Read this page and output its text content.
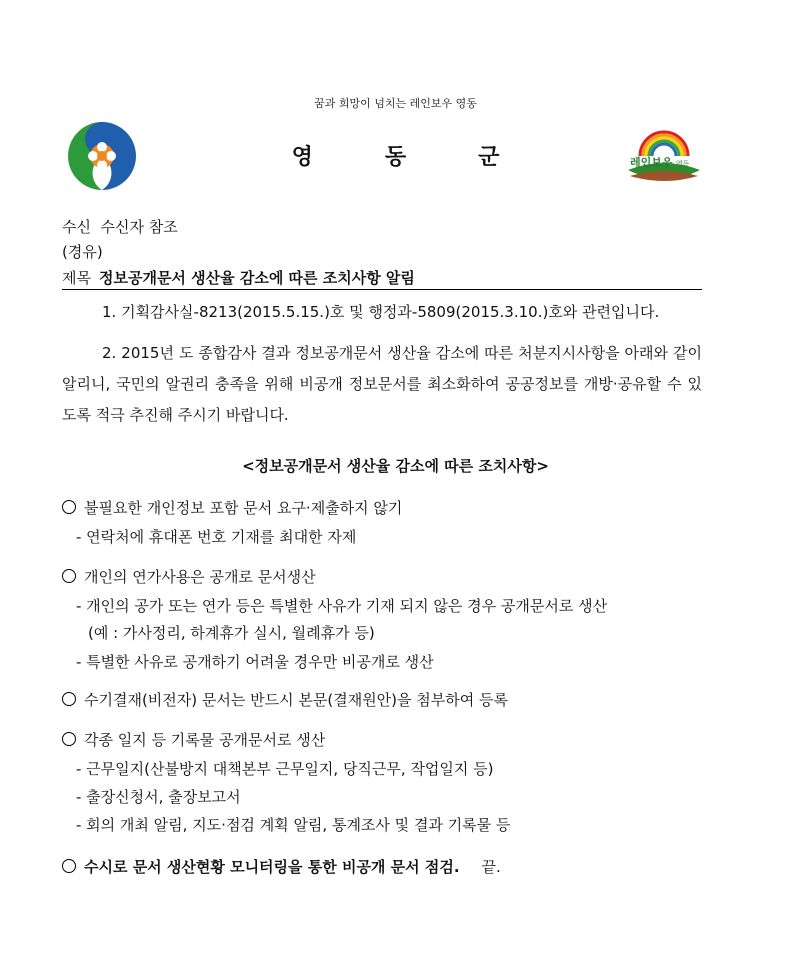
꿈과 희망이 넘치는 레인보우 영동
영	동	군	레인보우 영동
수신 수신자 참조
(경유)
제목 정보공개문서 생산율 감소에 따른 조치사항 알림
1. 기획감사실-8213(2015.5.15.)호 및 행정과-5809(2015.3.10.)호와 관련입니다.
2. 2015년 도 종합감사 결과 정보공개문서 생산율 감소에 따른 처분지시사항을 아래와 같이 알리니, 국민의 알권리 충족을 위해 비공개 정보문서를 최소화하여 공공정보를 개방·공유할 수 있도록 적극 추진해 주시기 바랍니다.
<정보공개문서 생산율 감소에 따른 조치사항>
불필요한 개인정보 포함 문서 요구·제출하지 않기
- 연락처에 휴대폰 번호 기재를 최대한 자제
개인의 연가사용은 공개로 문서생산
- 개인의 공가 또는 연가 등은 특별한 사유가 기재 되지 않은 경우 공개문서로 생산
(예 : 가사정리, 하계휴가 실시, 월례휴가 등)
- 특별한 사유로 공개하기 어려울 경우만 비공개로 생산
수기결재(비전자) 문서는 반드시 본문(결재원안)을 첨부하여 등록
각종 일지 등 기록물 공개문서로 생산
- 근무일지(산불방지 대책본부 근무일지, 당직근무, 작업일지 등)
- 출장신청서, 출장보고서
- 회의 개최 알림, 지도·점검 계획 알림, 통계조사 및 결과 기록물 등
수시로 문서 생산현황 모니터링을 통한 비공개 문서 점검. 끝.
